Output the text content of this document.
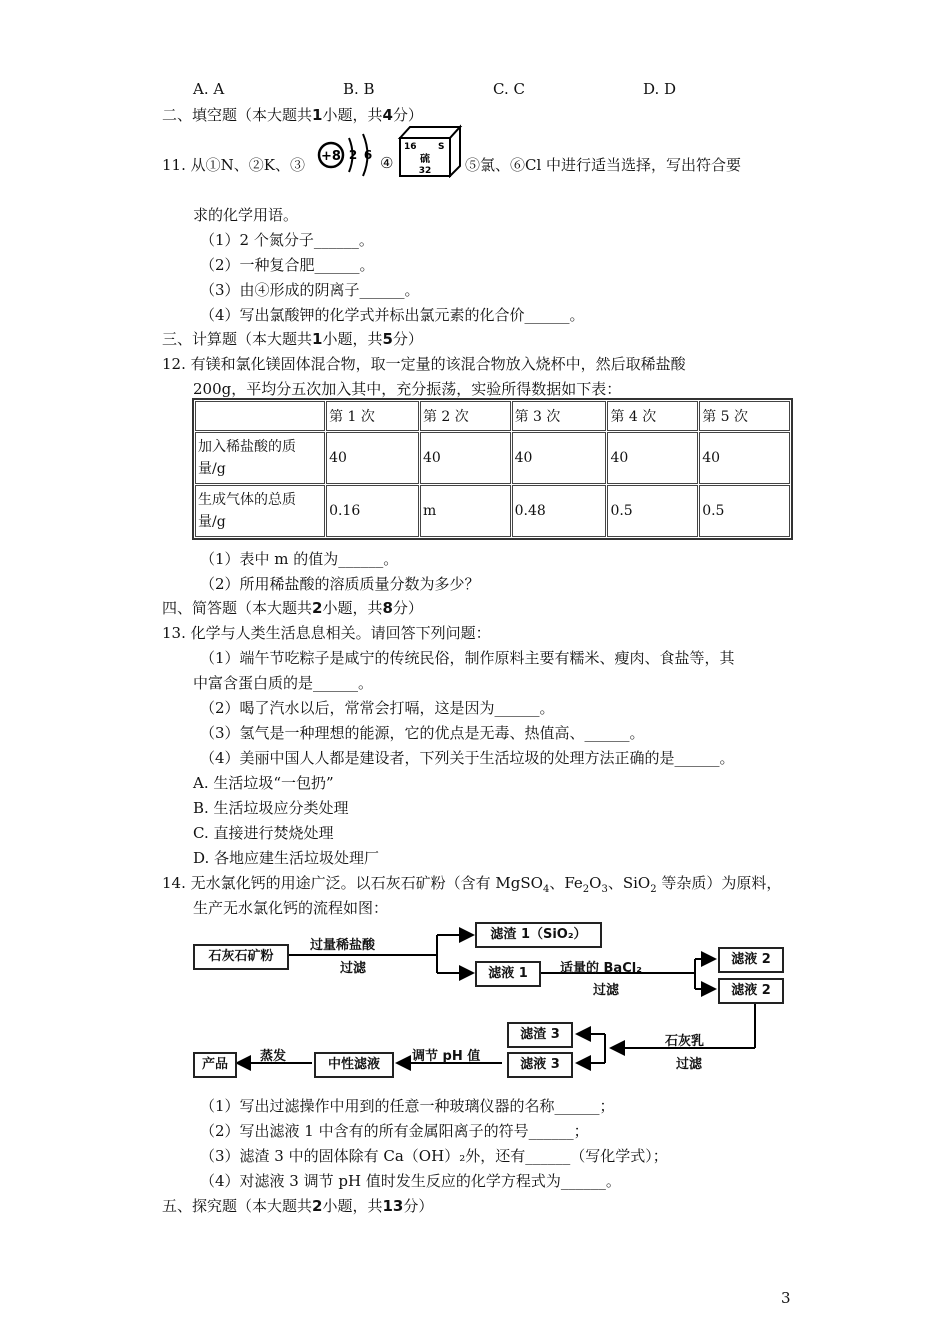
A. A	B. B	C. C	D. D
二、填空题（本大题共1小题，共4分）
11. 从①N、②K、③ +8 2 6 ④
16 S
硫
32 ⑤氯、⑥Cl 中进行适当选择，写出符合要
求的化学用语。
（1）2 个氮分子______。
（2）一种复合肥______。
（3）由④形成的阴离子______。
（4）写出氯酸钾的化学式并标出氯元素的化合价______。
三、计算题（本大题共1小题，共5分）
12. 有镁和氯化镁固体混合物，取一定量的该混合物放入烧杯中，然后取稀盐酸
200g，平均分五次加入其中，充分振荡，实验所得数据如下表：
	第 1 次	第 2 次	第 3 次	第 4 次	第 5 次
加入稀盐酸的质量/g	40	40	40	40	40
生成气体的总质量/g	0.16	m	0.48	0.5	0.5
（1）表中 m 的值为______。
（2）所用稀盐酸的溶质质量分数为多少？
四、简答题（本大题共2小题，共8分）
13. 化学与人类生活息息相关。请回答下列问题：
（1）端午节吃粽子是咸宁的传统民俗，制作原料主要有糯米、瘦肉、食盐等，其
中富含蛋白质的是______。
（2）喝了汽水以后，常常会打嗝，这是因为______。
（3）氢气是一种理想的能源，它的优点是无毒、热值高、______。
（4）美丽中国人人都是建设者，下列关于生活垃圾的处理方法正确的是______。
A. 生活垃圾“一包扔”
B. 生活垃圾应分类处理
C. 直接进行焚烧处理
D. 各地应建生活垃圾处理厂
14. 无水氯化钙的用途广泛。以石灰石矿粉（含有 MgSO$_4$、$Fe_2O_3$、SiO$_2$ 等杂质）为原料，
生产无水氯化钙的流程如图：
石灰石矿粉
过量稀盐酸
过滤
滤渣 1（SiO₂）
滤液 1	适量的 BaCl₂
过滤
滤液 2
滤液 2
石灰乳
过滤
滤渣 3
滤液 3
调节 pH 值
中性滤液
蒸发
产品
（1）写出过滤操作中用到的任意一种玻璃仪器的名称______；
（2）写出滤液 1 中含有的所有金属阳离子的符号______；
（3）滤渣 3 中的固体除有 Ca（OH）₂外，还有______（写化学式）；
（4）对滤液 3 调节 pH 值时发生反应的化学方程式为______。
五、探究题（本大题共2小题，共13分）
3
